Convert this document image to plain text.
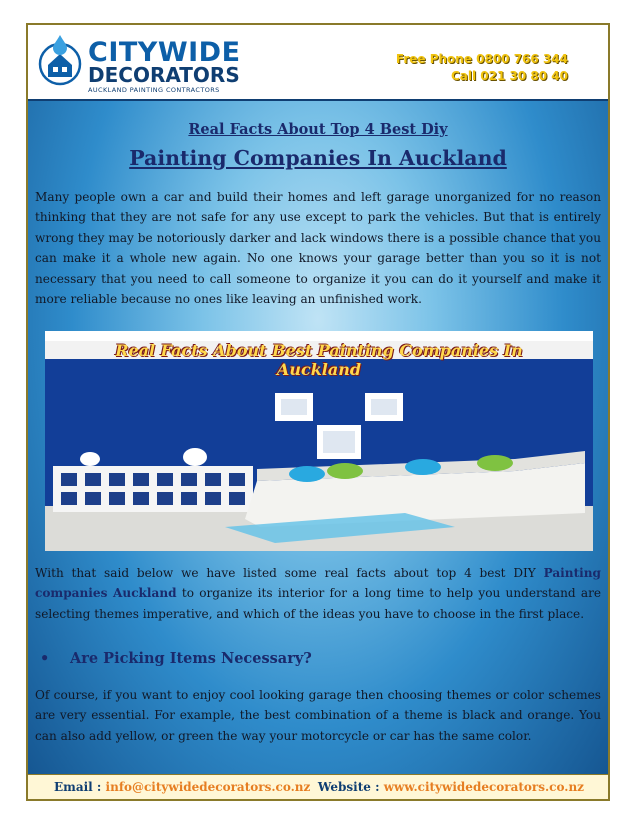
CITYWIDE
DECORATORS
AUCKLAND PAINTING CONTRACTORS
Free Phone 0800 766 344
Call 021 30 80 40
Real Facts About Top 4 Best Diy
Painting Companies In Auckland
Many people own a car and build their homes and left garage unorganized for no reason thinking that they are not safe for any use except to park the vehicles. But that is entirely wrong they may be notoriously darker and lack windows there is a possible chance that you can make it a whole new again. No one knows your garage better than you so it is not necessary that you need to call someone to organize it you can do it yourself and make it more reliable because no ones like leaving an unfinished work.
Real Facts About Best Painting Companies In Auckland
With that said below we have listed some real facts about top 4 best DIY Painting companies Auckland to organize its interior for a long time to help you understand are selecting themes imperative, and which of the ideas you have to choose in the first place.
• Are Picking Items Necessary?
Of course, if you want to enjoy cool looking garage then choosing themes or color schemes are very essential. For example, the best combination of a theme is black and orange. You can also add yellow, or green the way your motorcycle or car has the same color.
Email : info@citywidedecorators.co.nz Website : www.citywidedecorators.co.nz
